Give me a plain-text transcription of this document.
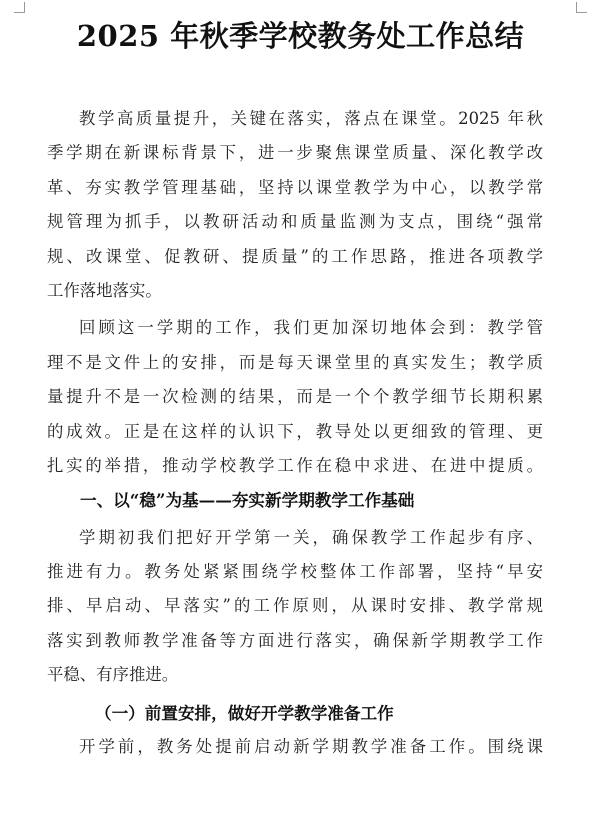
2025 年秋季学校教务处工作总结
教学高质量提升，关键在落实，落点在课堂。2025 年秋
季学期在新课标背景下，进一步聚焦课堂质量、深化教学改
革、夯实教学管理基础，坚持以课堂教学为中心，以教学常
规管理为抓手，以教研活动和质量监测为支点，围绕“强常
规、改课堂、促教研、提质量”的工作思路，推进各项教学
工作落地落实。
回顾这一学期的工作，我们更加深切地体会到：教学管
理不是文件上的安排，而是每天课堂里的真实发生；教学质
量提升不是一次检测的结果，而是一个个教学细节长期积累
的成效。正是在这样的认识下，教导处以更细致的管理、更
扎实的举措，推动学校教学工作在稳中求进、在进中提质。
一、以“稳”为基——夯实新学期教学工作基础
学期初我们把好开学第一关，确保教学工作起步有序、
推进有力。教务处紧紧围绕学校整体工作部署，坚持“早安
排、早启动、早落实”的工作原则，从课时安排、教学常规
落实到教师教学准备等方面进行落实，确保新学期教学工作
平稳、有序推进。
（一）前置安排，做好开学教学准备工作
开学前，教务处提前启动新学期教学准备工作。围绕课
